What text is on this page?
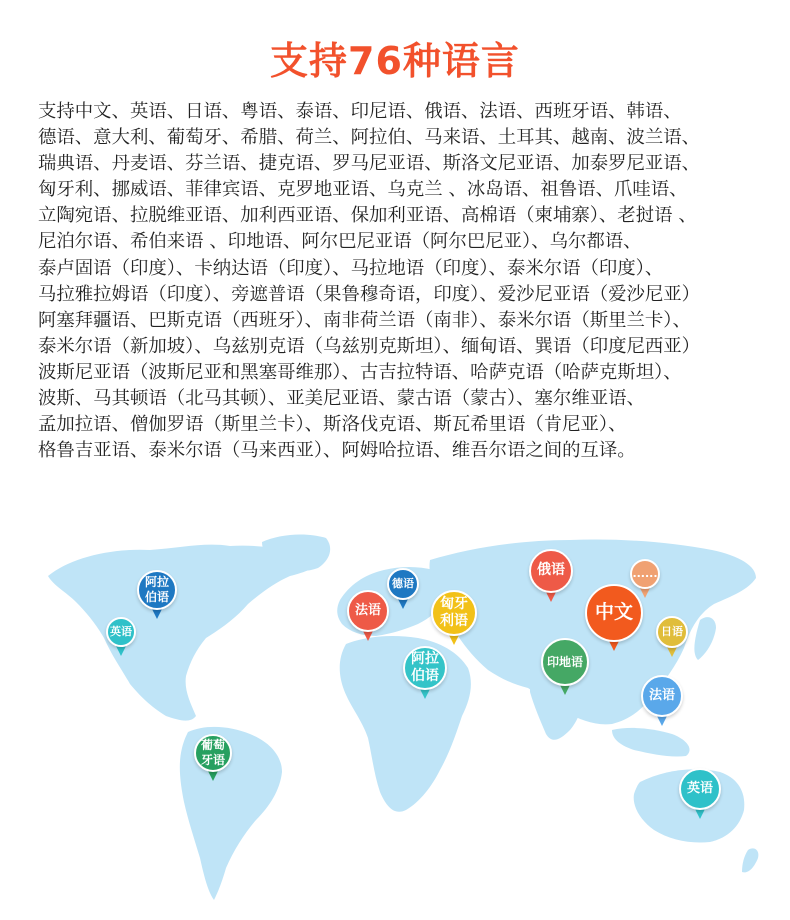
支持76种语言
支持中文、英语、日语、粤语、泰语、印尼语、俄语、法语、西班牙语、韩语、
德语、意大利、葡萄牙、希腊、荷兰、阿拉伯、马来语、土耳其、越南、波兰语、
瑞典语、丹麦语、芬兰语、捷克语、罗马尼亚语、斯洛文尼亚语、加泰罗尼亚语、
匈牙利、挪威语、菲律宾语、克罗地亚语、乌克兰 、冰岛语、祖鲁语、爪哇语、
立陶宛语、拉脱维亚语、加利西亚语、保加利亚语、高棉语（柬埔寨）、老挝语 、
尼泊尔语、希伯来语 、印地语、阿尔巴尼亚语（阿尔巴尼亚）、乌尔都语、
泰卢固语（印度）、卡纳达语（印度）、马拉地语（印度）、泰米尔语（印度）、
马拉雅拉姆语（印度）、旁遮普语（果鲁穆奇语，印度）、爱沙尼亚语（爱沙尼亚）
阿塞拜疆语、巴斯克语（西班牙）、南非荷兰语（南非）、泰米尔语（斯里兰卡）、
泰米尔语（新加坡）、乌兹别克语（乌兹别克斯坦）、缅甸语、巽语（印度尼西亚）
波斯尼亚语（波斯尼亚和黑塞哥维那）、古吉拉特语、哈萨克语（哈萨克斯坦）、
波斯、马其顿语（北马其顿）、亚美尼亚语、蒙古语（蒙古）、塞尔维亚语、
孟加拉语、僧伽罗语（斯里兰卡）、斯洛伐克语、斯瓦希里语（肯尼亚）、
格鲁吉亚语、泰米尔语（马来西亚）、阿姆哈拉语、维吾尔语之间的互译。
阿拉
伯语
英语
葡萄
牙语
德语
法语	匈牙
利语
阿拉
伯语
俄语
印地语
中文
......
日语
法语
英语
